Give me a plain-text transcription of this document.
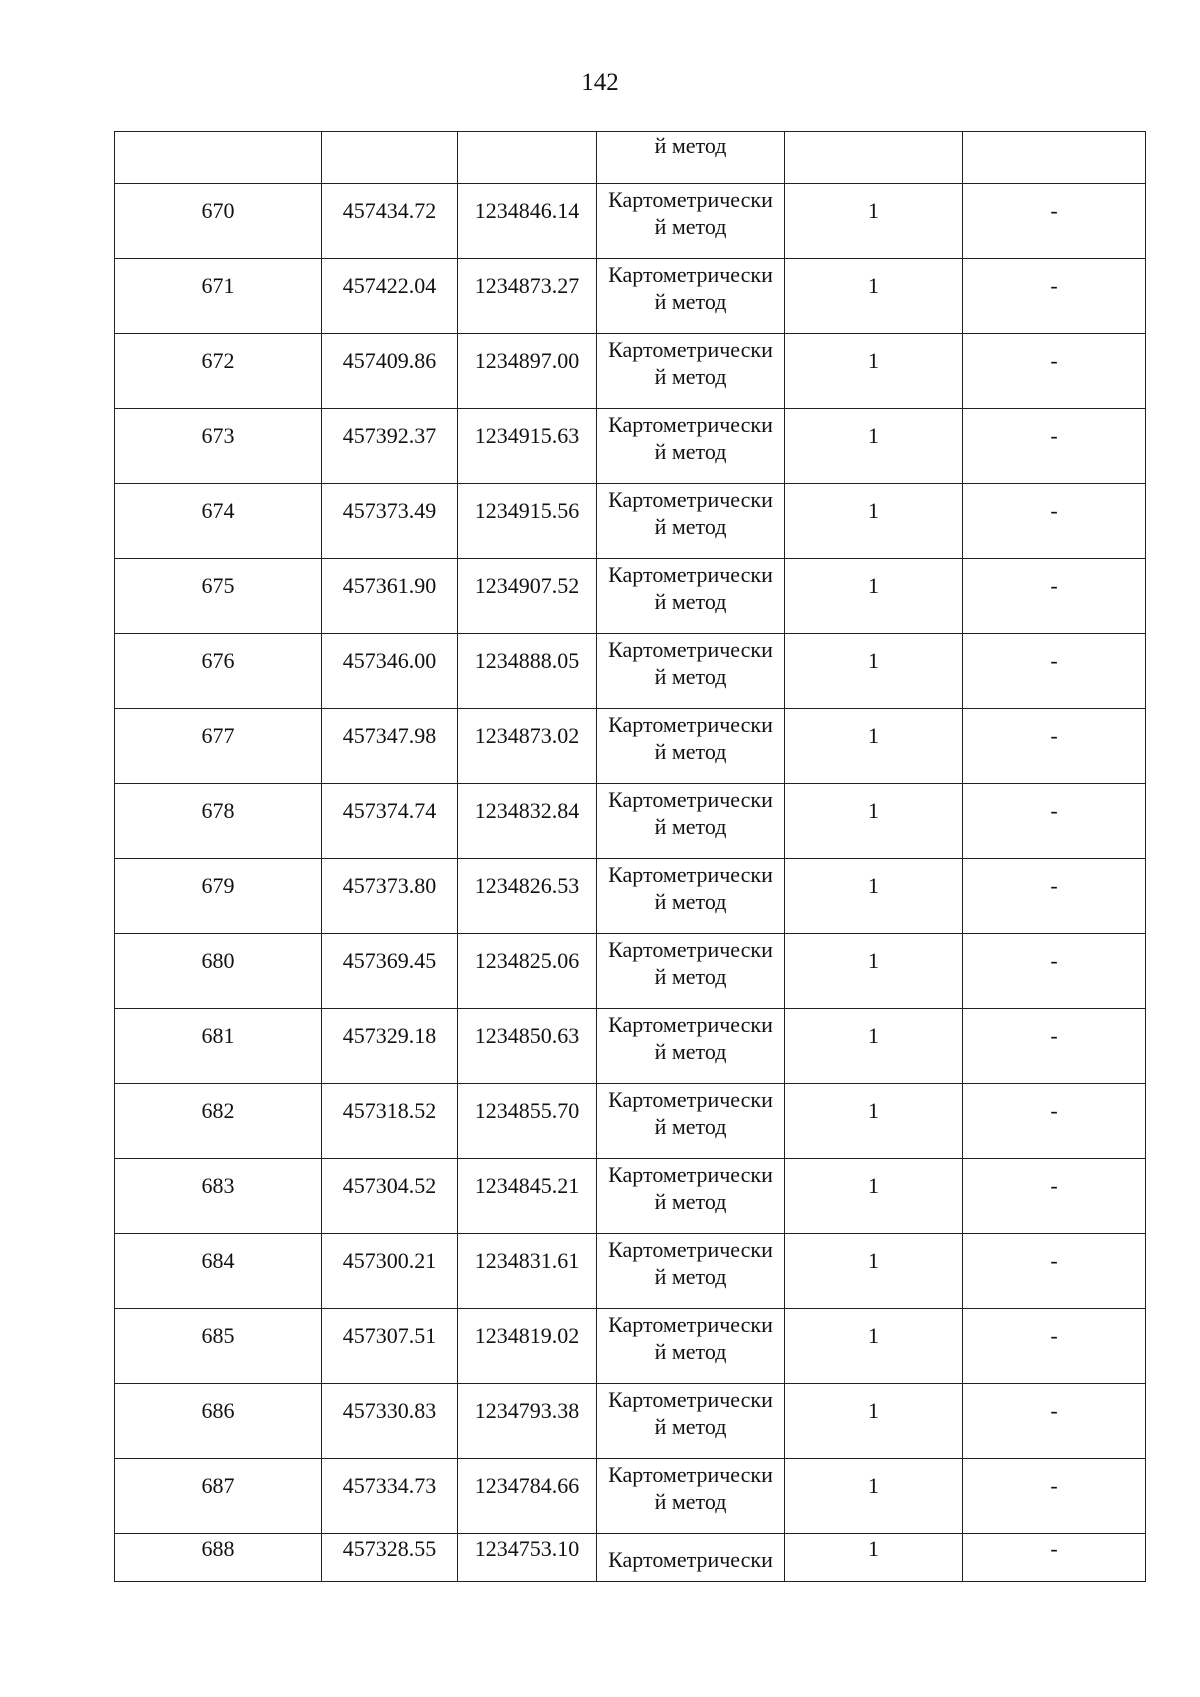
142

			й метод		

670	457434.72	1234846.14	Картометрически
й метод	1	-

671	457422.04	1234873.27	Картометрически
й метод	1	-

672	457409.86	1234897.00	Картометрически
й метод	1	-

673	457392.37	1234915.63	Картометрически
й метод	1	-

674	457373.49	1234915.56	Картометрически
й метод	1	-

675	457361.90	1234907.52	Картометрически
й метод	1	-

676	457346.00	1234888.05	Картометрически
й метод	1	-

677	457347.98	1234873.02	Картометрически
й метод	1	-

678	457374.74	1234832.84	Картометрически
й метод	1	-

679	457373.80	1234826.53	Картометрически
й метод	1	-

680	457369.45	1234825.06	Картометрически
й метод	1	-

681	457329.18	1234850.63	Картометрически
й метод	1	-

682	457318.52	1234855.70	Картометрически
й метод	1	-

683	457304.52	1234845.21	Картометрически
й метод	1	-

684	457300.21	1234831.61	Картометрически
й метод	1	-

685	457307.51	1234819.02	Картометрически
й метод	1	-

686	457330.83	1234793.38	Картометрически
й метод	1	-

687	457334.73	1234784.66	Картометрически
й метод	1	-

688	457328.55	1234753.10	Картометрически	1	-
